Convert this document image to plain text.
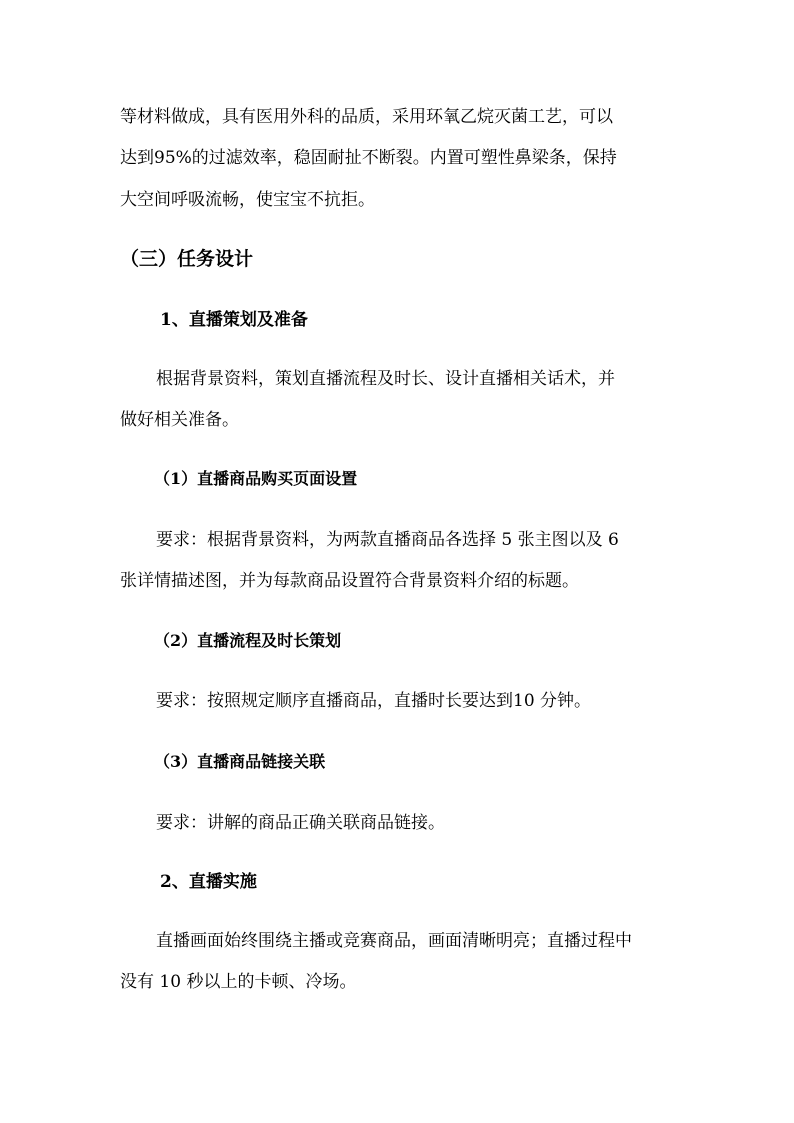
等材料做成，具有医用外科的品质，采用环氧乙烷灭菌工艺，可以

达到95%的过滤效率，稳固耐扯不断裂。内置可塑性鼻梁条，保持

大空间呼吸流畅，使宝宝不抗拒。

（三）任务设计

1、直播策划及准备

根据背景资料，策划直播流程及时长、设计直播相关话术，并

做好相关准备。

（1）直播商品购买页面设置

要求：根据背景资料，为两款直播商品各选择 5 张主图以及 6

张详情描述图，并为每款商品设置符合背景资料介绍的标题。

（2）直播流程及时长策划

要求：按照规定顺序直播商品，直播时长要达到10 分钟。

（3）直播商品链接关联

要求：讲解的商品正确关联商品链接。

2、直播实施

直播画面始终围绕主播或竞赛商品，画面清晰明亮；直播过程中

没有 10 秒以上的卡顿、冷场。
